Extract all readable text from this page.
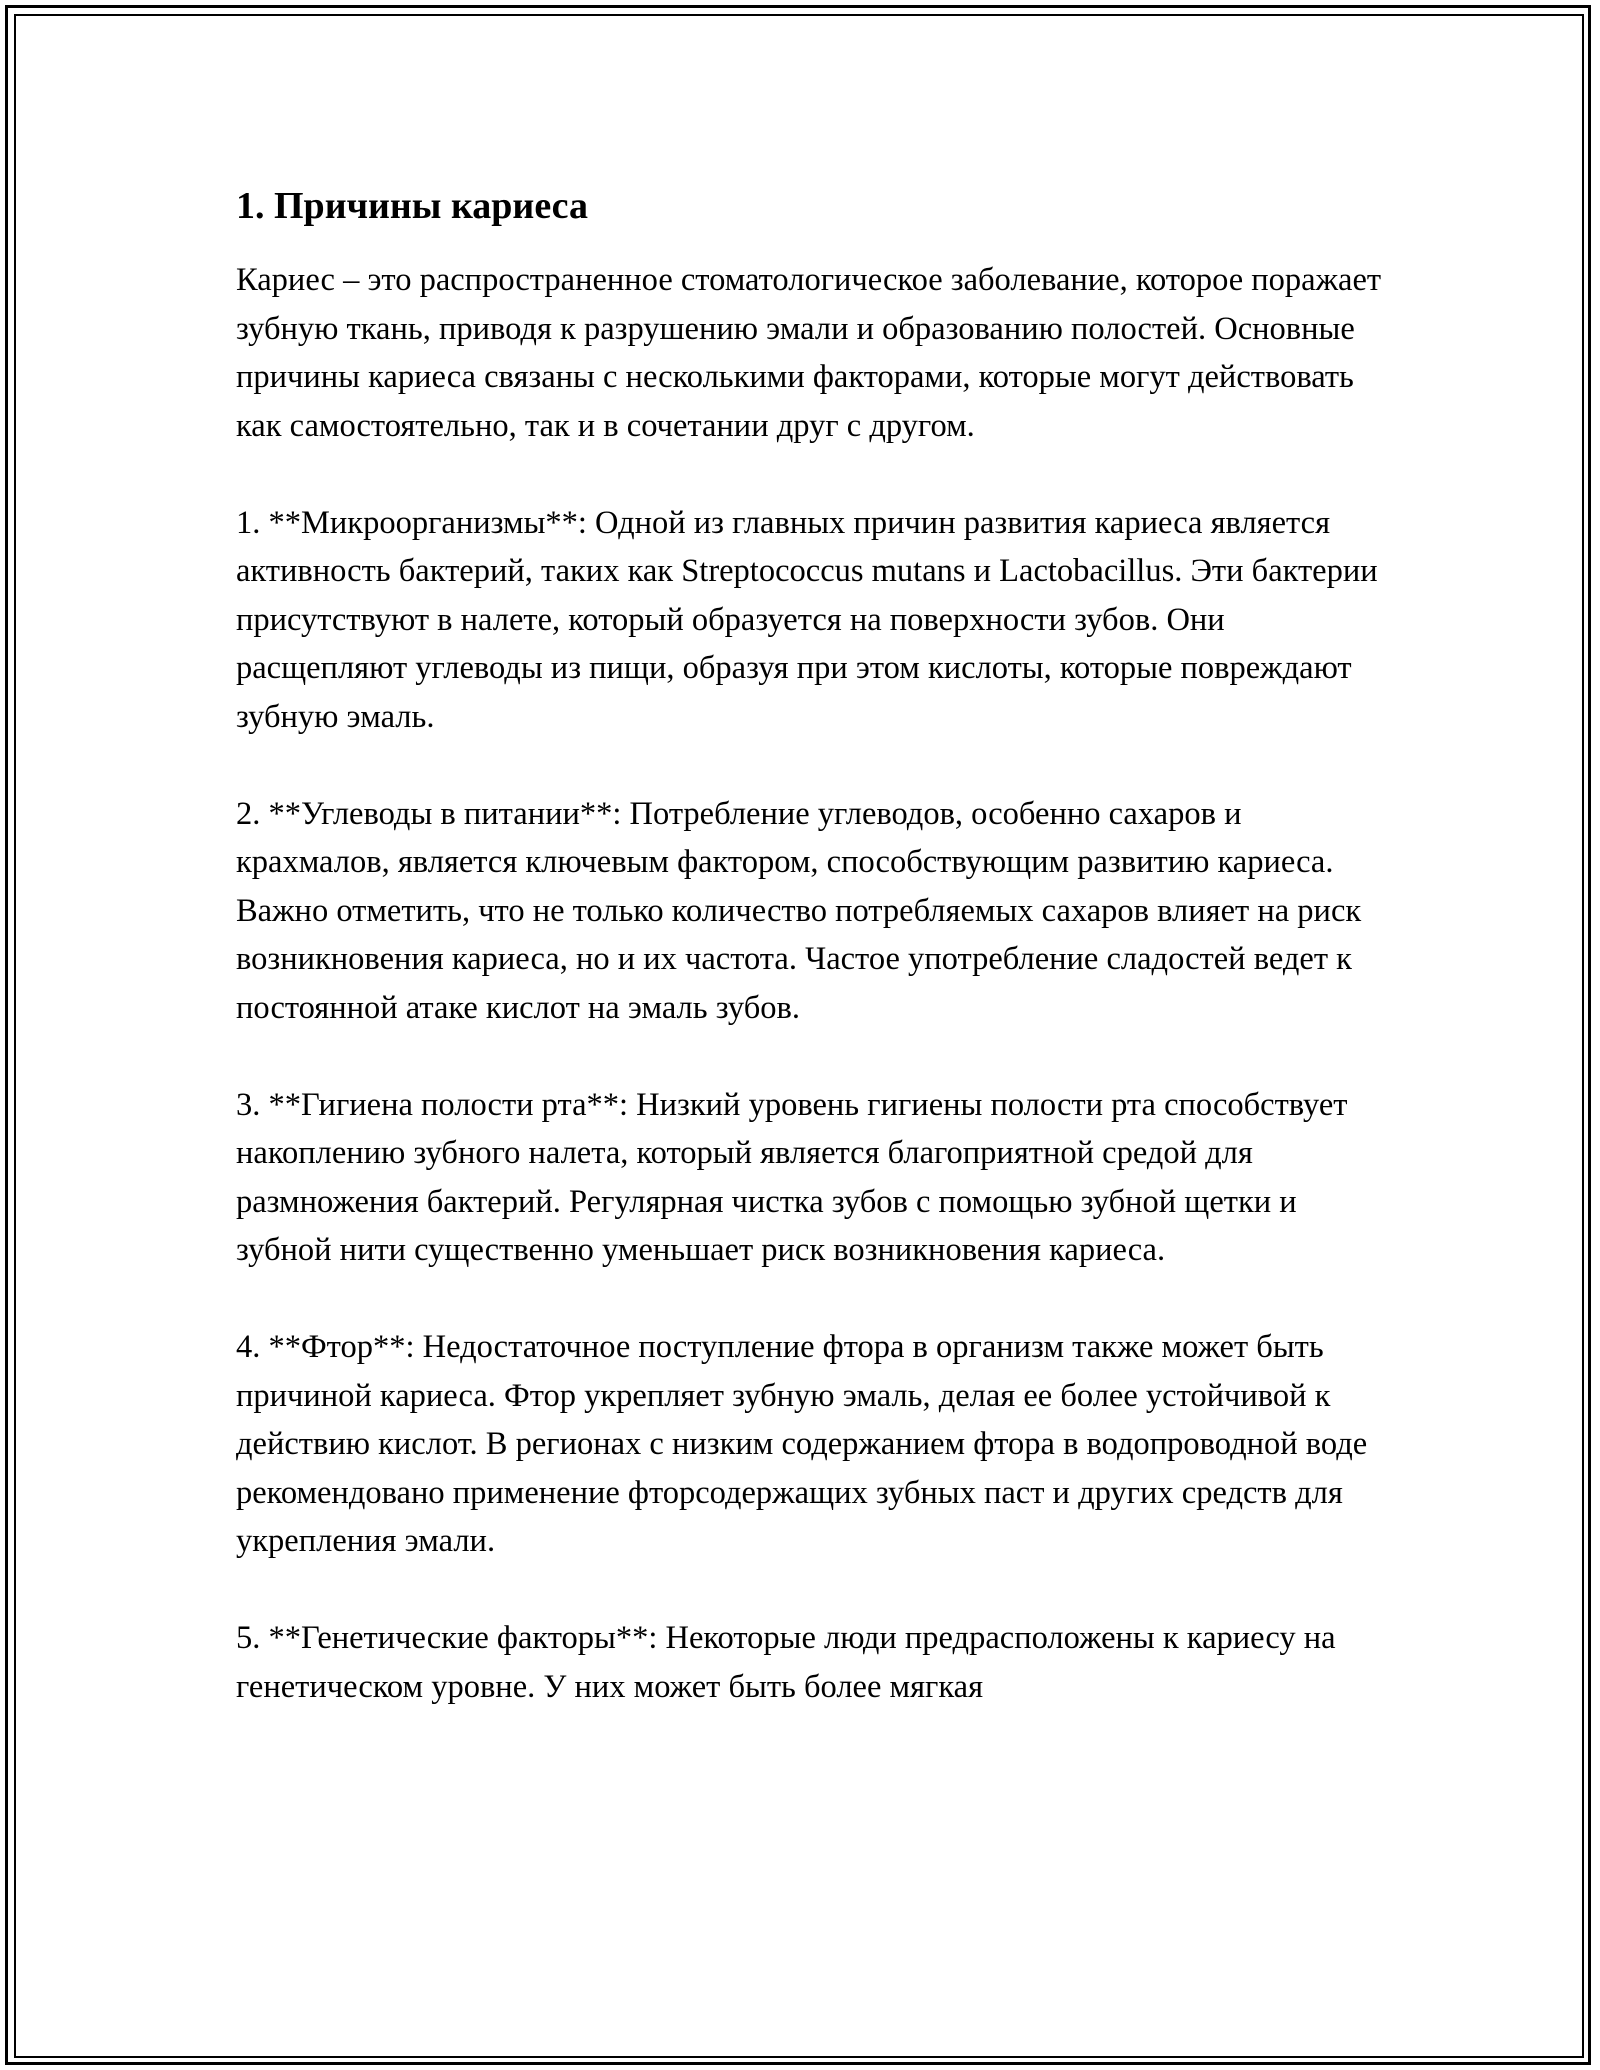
1. Причины кариеса

Кариес – это распространенное стоматологическое заболевание, которое поражает зубную ткань, приводя к разрушению эмали и образованию полостей. Основные причины кариеса связаны с несколькими факторами, которые могут действовать как самостоятельно, так и в сочетании друг с другом.

1. **Микроорганизмы**: Одной из главных причин развития кариеса является активность бактерий, таких как Streptococcus mutans и Lactobacillus. Эти бактерии присутствуют в налете, который образуется на поверхности зубов. Они расщепляют углеводы из пищи, образуя при этом кислоты, которые повреждают зубную эмаль.

2. **Углеводы в питании**: Потребление углеводов, особенно сахаров и крахмалов, является ключевым фактором, способствующим развитию кариеса. Важно отметить, что не только количество потребляемых сахаров влияет на риск возникновения кариеса, но и их частота. Частое употребление сладостей ведет к постоянной атаке кислот на эмаль зубов.

3. **Гигиена полости рта**: Низкий уровень гигиены полости рта способствует накоплению зубного налета, который является благоприятной средой для размножения бактерий. Регулярная чистка зубов с помощью зубной щетки и зубной нити существенно уменьшает риск возникновения кариеса.

4. **Фтор**: Недостаточное поступление фтора в организм также может быть причиной кариеса. Фтор укрепляет зубную эмаль, делая ее более устойчивой к действию кислот. В регионах с низким содержанием фтора в водопроводной воде рекомендовано применение фторсодержащих зубных паст и других средств для укрепления эмали.

5. **Генетические факторы**: Некоторые люди предрасположены к кариесу на генетическом уровне. У них может быть более мягкая
